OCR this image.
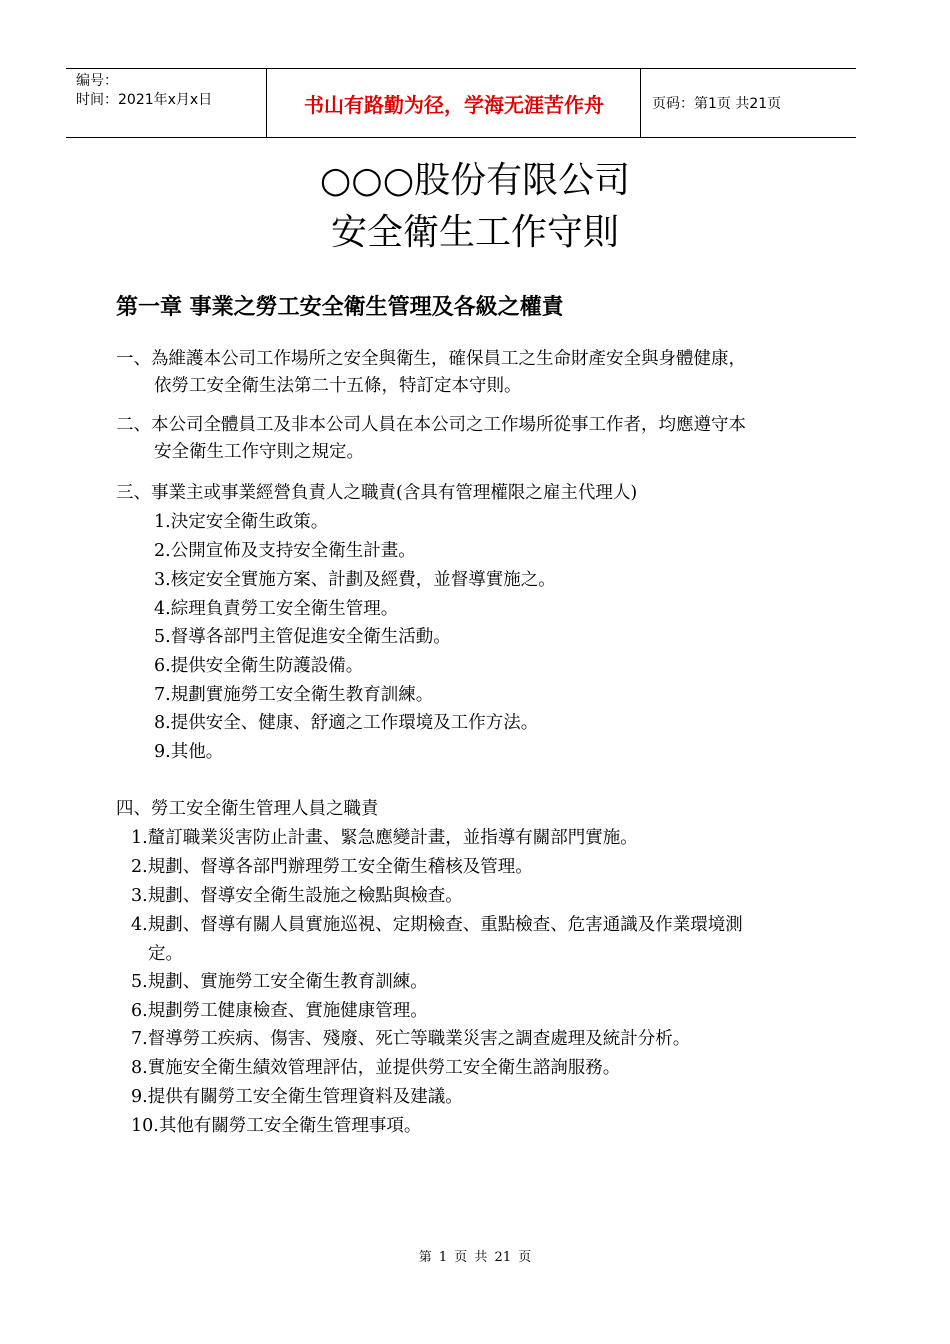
编号：
时间：2021年x月x日	书山有路勤为径，学海无涯苦作舟	页码：第1页 共21页
○○○股份有限公司
安全衛生工作守則
第一章 事業之勞工安全衛生管理及各級之權責
一、為維護本公司工作場所之安全與衛生，確保員工之生命財產安全與身體健康，
依勞工安全衛生法第二十五條，特訂定本守則。
二、本公司全體員工及非本公司人員在本公司之工作場所從事工作者，均應遵守本
安全衛生工作守則之規定。
三、事業主或事業經營負責人之職責(含具有管理權限之雇主代理人)
1.決定安全衛生政策。
2.公開宣佈及支持安全衛生計畫。
3.核定安全實施方案、計劃及經費，並督導實施之。
4.綜理負責勞工安全衛生管理。
5.督導各部門主管促進安全衛生活動。
6.提供安全衛生防護設備。
7.規劃實施勞工安全衛生教育訓練。
8.提供安全、健康、舒適之工作環境及工作方法。
9.其他。
四、勞工安全衛生管理人員之職責
1.釐訂職業災害防止計畫、緊急應變計畫，並指導有關部門實施。
2.規劃、督導各部門辦理勞工安全衛生稽核及管理。
3.規劃、督導安全衛生設施之檢點與檢查。
4.規劃、督導有關人員實施巡視、定期檢查、重點檢查、危害通識及作業環境測
定。
5.規劃、實施勞工安全衛生教育訓練。
6.規劃勞工健康檢查、實施健康管理。
7.督導勞工疾病、傷害、殘廢、死亡等職業災害之調查處理及統計分析。
8.實施安全衛生績效管理評估，並提供勞工安全衛生諮詢服務。
9.提供有關勞工安全衛生管理資料及建議。
10.其他有關勞工安全衛生管理事項。
第 1 页 共 21 页
